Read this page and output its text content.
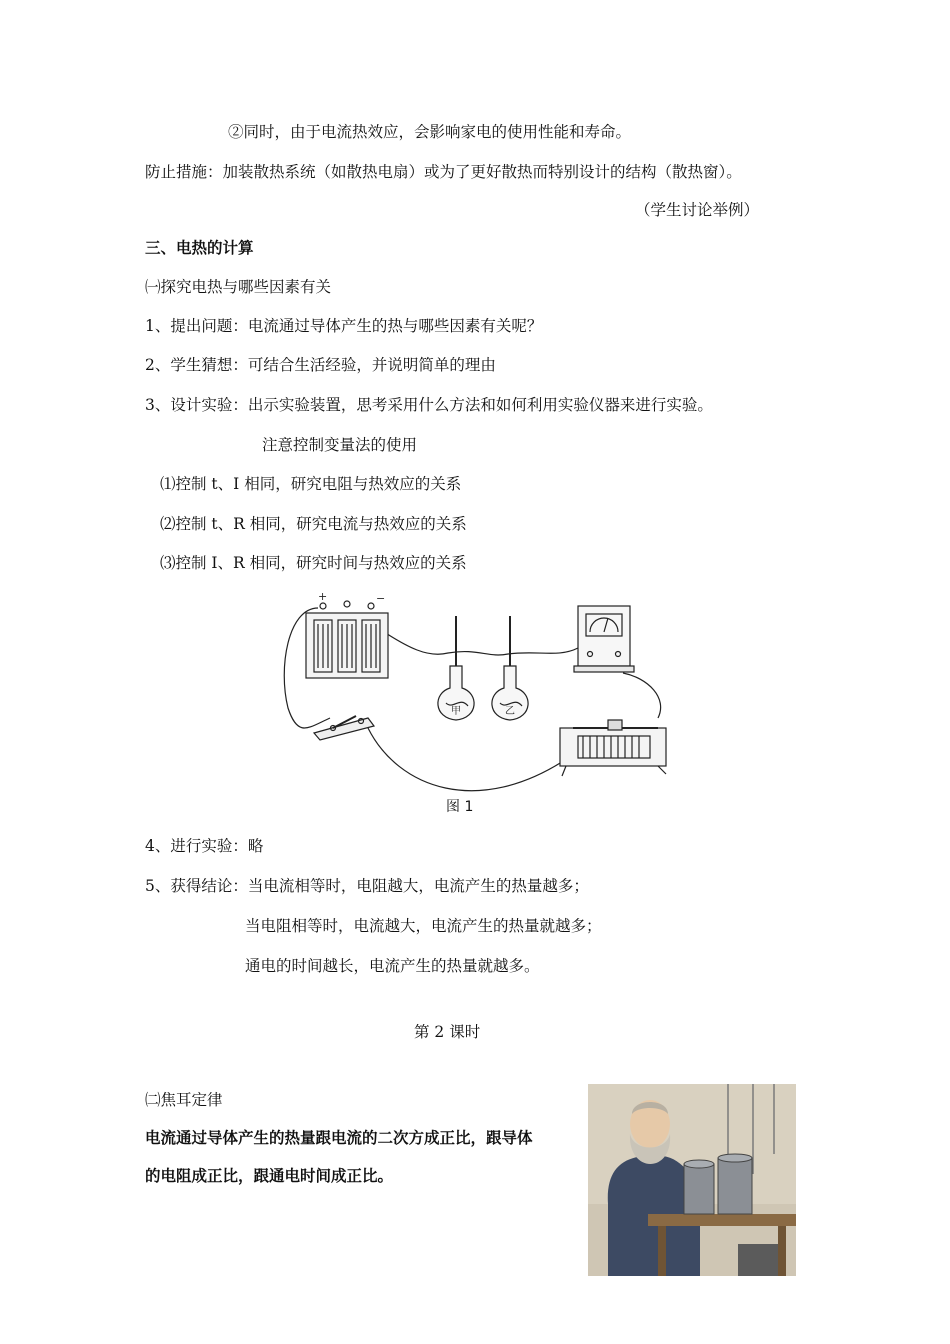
②同时，由于电流热效应，会影响家电的使用性能和寿命。
防止措施：加装散热系统（如散热电扇）或为了更好散热而特别设计的结构（散热窗）。
（学生讨论举例）
三、电热的计算
㈠探究电热与哪些因素有关
1、提出问题：电流通过导体产生的热与哪些因素有关呢？
2、学生猜想：可结合生活经验，并说明简单的理由
3、设计实验：出示实验装置，思考采用什么方法和如何利用实验仪器来进行实验。
注意控制变量法的使用
⑴控制 t、I 相同，研究电阻与热效应的关系
⑵控制 t、R 相同，研究电流与热效应的关系
⑶控制 I、R 相同，研究时间与热效应的关系
+	−
甲	乙
图 1
4、进行实验：略
5、获得结论：当电流相等时，电阻越大，电流产生的热量越多；
当电阻相等时，电流越大，电流产生的热量就越多；
通电的时间越长，电流产生的热量就越多。
第 2 课时
㈡焦耳定律
电流通过导体产生的热量跟电流的二次方成正比，跟导体
的电阻成正比，跟通电时间成正比。
